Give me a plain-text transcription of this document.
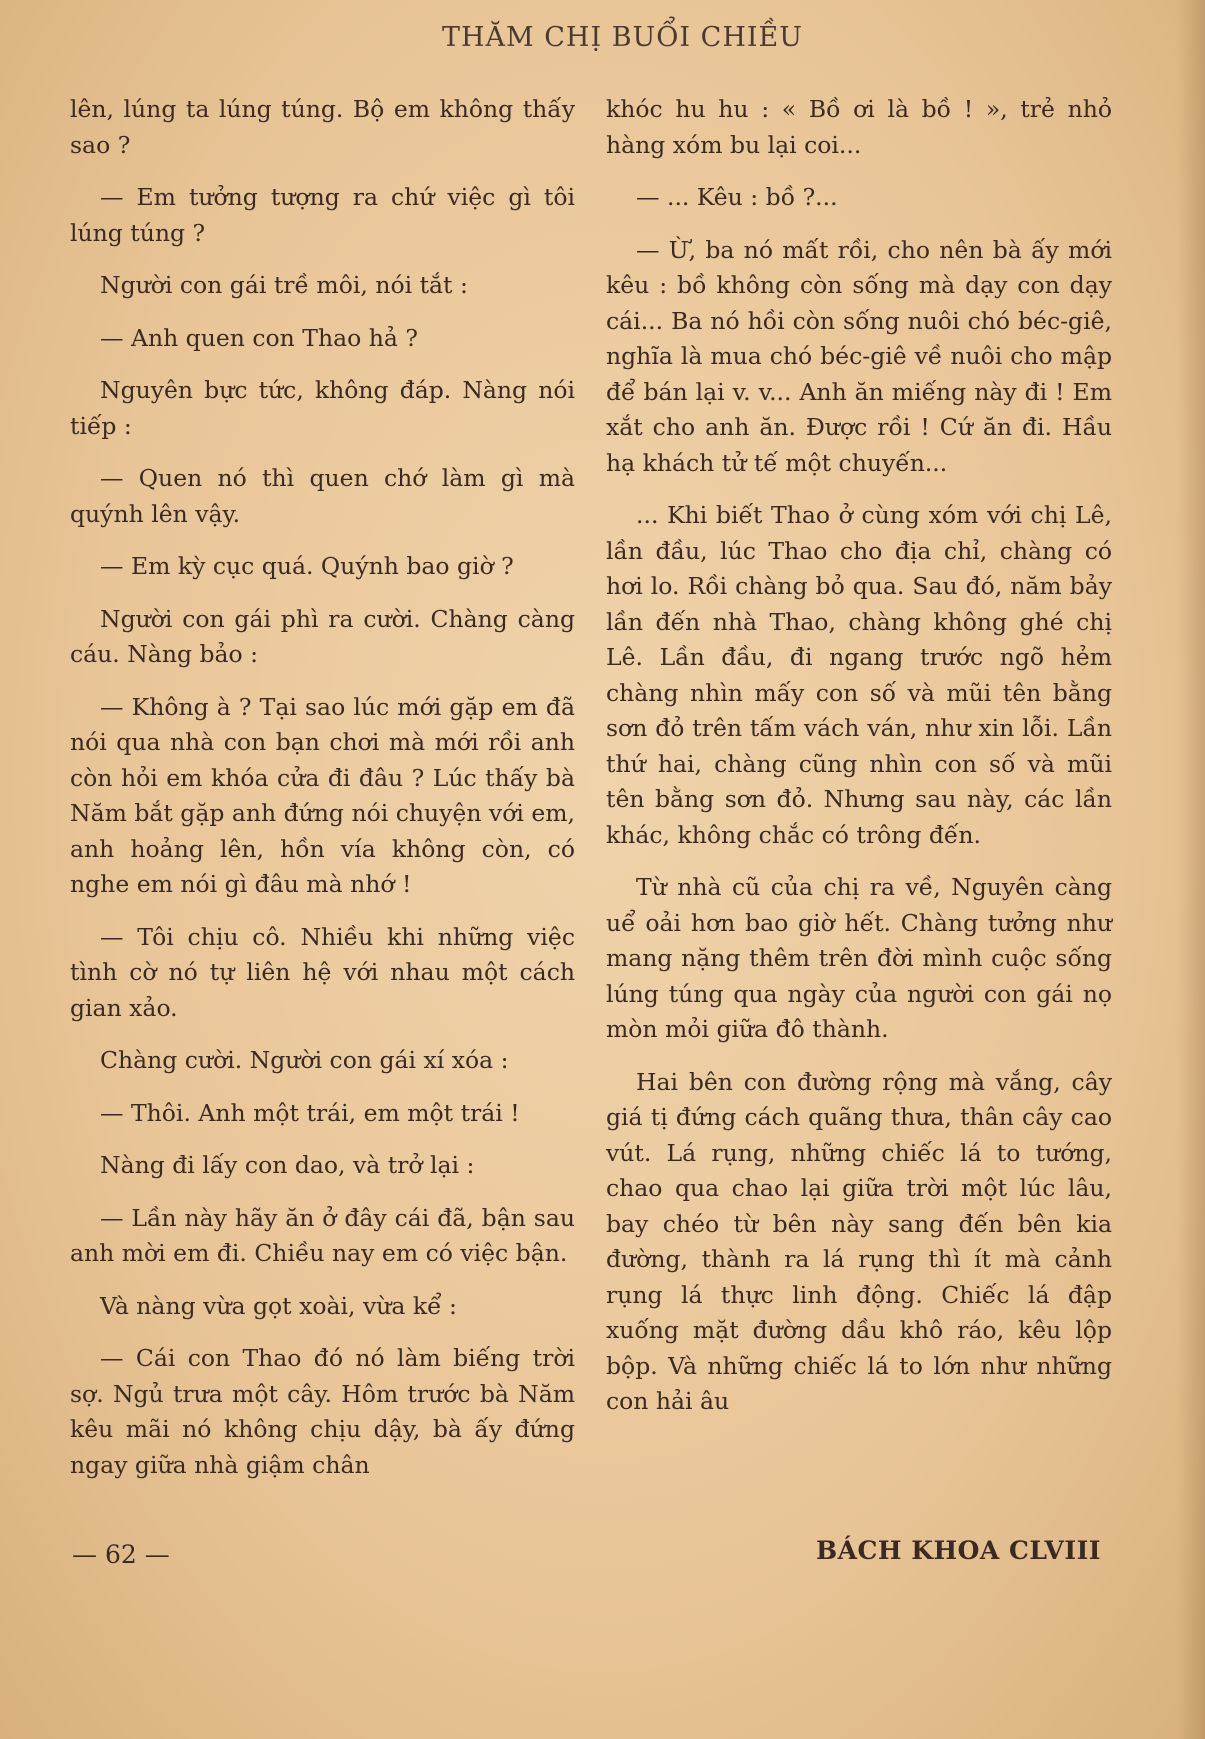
THĂM CHỊ BUỔI CHIỀU

lên, lúng ta lúng túng. Bộ em không thấy sao ?

— Em tưởng tượng ra chứ việc gì tôi lúng túng ?

Người con gái trề môi, nói tắt :

— Anh quen con Thao hả ?

Nguyên bực tức, không đáp. Nàng nói tiếp :

— Quen nó thì quen chớ làm gì mà quýnh lên vậy.

— Em kỳ cục quá. Quýnh bao giờ ?

Người con gái phì ra cười. Chàng càng cáu. Nàng bảo :

— Không à ? Tại sao lúc mới gặp em đã nói qua nhà con bạn chơi mà mới rồi anh còn hỏi em khóa cửa đi đâu ? Lúc thấy bà Năm bắt gặp anh đứng nói chuyện với em, anh hoảng lên, hồn vía không còn, có nghe em nói gì đâu mà nhớ !

— Tôi chịu cô. Nhiều khi những việc tình cờ nó tự liên hệ với nhau một cách gian xảo.

Chàng cười. Người con gái xí xóa :

— Thôi. Anh một trái, em một trái !

Nàng đi lấy con dao, và trở lại :

— Lần này hãy ăn ở đây cái đã, bận sau anh mời em đi. Chiều nay em có việc bận.

Và nàng vừa gọt xoài, vừa kể :

— Cái con Thao đó nó làm biếng trời sợ. Ngủ trưa một cây. Hôm trước bà Năm kêu mãi nó không chịu dậy, bà ấy đứng ngay giữa nhà giậm chân

khóc hu hu : « Bồ ơi là bồ ! », trẻ nhỏ hàng xóm bu lại coi...

— ... Kêu : bồ ?...

— Ừ, ba nó mất rồi, cho nên bà ấy mới kêu : bồ không còn sống mà dạy con dạy cái... Ba nó hồi còn sống nuôi chó béc-giê, nghĩa là mua chó béc-giê về nuôi cho mập để bán lại v. v... Anh ăn miếng này đi ! Em xắt cho anh ăn. Được rồi ! Cứ ăn đi. Hầu hạ khách tử tế một chuyến...

... Khi biết Thao ở cùng xóm với chị Lê, lần đầu, lúc Thao cho địa chỉ, chàng có hơi lo. Rồi chàng bỏ qua. Sau đó, năm bảy lần đến nhà Thao, chàng không ghé chị Lê. Lần đầu, đi ngang trước ngõ hẻm chàng nhìn mấy con số và mũi tên bằng sơn đỏ trên tấm vách ván, như xin lỗi. Lần thứ hai, chàng cũng nhìn con số và mũi tên bằng sơn đỏ. Nhưng sau này, các lần khác, không chắc có trông đến.

Từ nhà cũ của chị ra về, Nguyên càng uể oải hơn bao giờ hết. Chàng tưởng như mang nặng thêm trên đời mình cuộc sống lúng túng qua ngày của người con gái nọ mòn mỏi giữa đô thành.

Hai bên con đường rộng mà vắng, cây giá tị đứng cách quãng thưa, thân cây cao vút. Lá rụng, những chiếc lá to tướng, chao qua chao lại giữa trời một lúc lâu, bay chéo từ bên này sang đến bên kia đường, thành ra lá rụng thì ít mà cảnh rụng lá thực linh động. Chiếc lá đập xuống mặt đường dầu khô ráo, kêu lộp bộp. Và những chiếc lá to lớn như những con hải âu

— 62 —	BÁCH KHOA CLVIII
